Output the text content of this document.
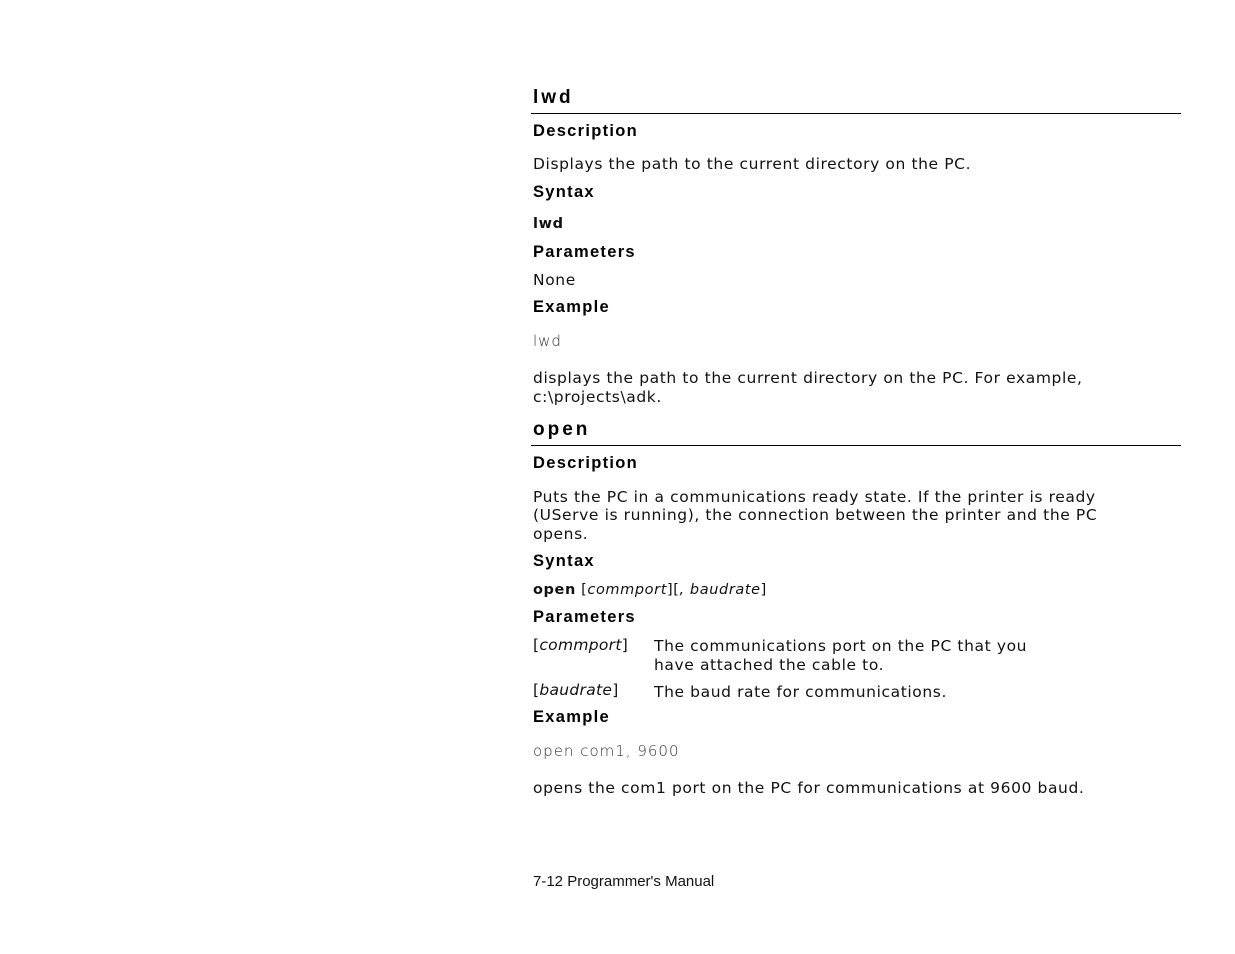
lwd
Description
Displays the path to the current directory on the PC.
Syntax
lwd
Parameters
None
Example
lwd
displays the path to the current directory on the PC. For example,
c:\projects\adk.
open
Description
Puts the PC in a communications ready state. If the printer is ready
(UServe is running), the connection between the printer and the PC
opens.
Syntax
open [commport][, baudrate]
Parameters
[commport] The communications port on the PC that you
have attached the cable to.
[baudrate] The baud rate for communications.
Example
open com1, 9600
opens the com1 port on the PC for communications at 9600 baud.
7-12 Programmer's Manual
